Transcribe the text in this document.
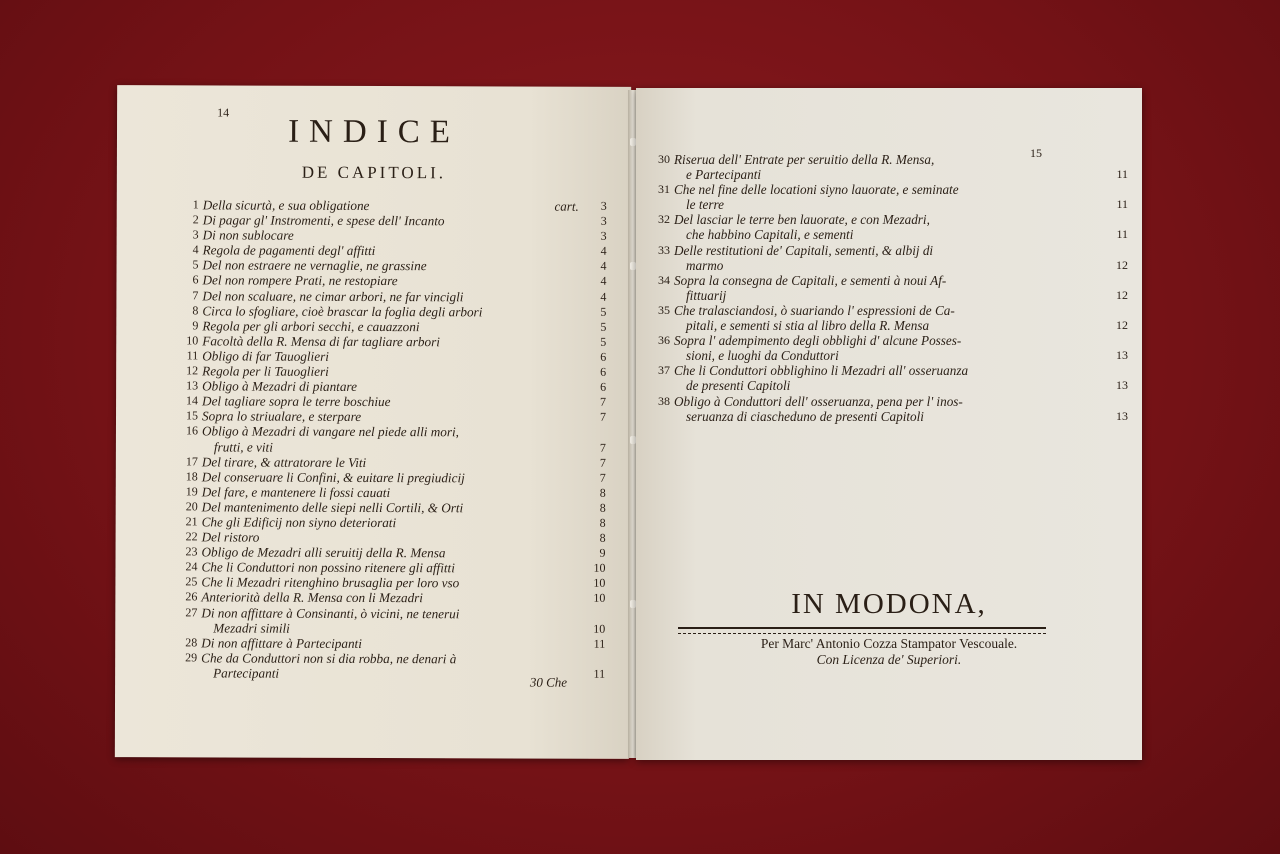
14
INDICE
DE CAPITOLI.
cart.
1 Della sicurtà, e sua obligatione	3
2 Di pagar gl' Instromenti, e spese dell' Incanto	3
3 Di non sublocare	3
4 Regola de pagamenti degl' affitti	4
5 Del non estraere ne vernaglie, ne grassine	4
6 Del non rompere Prati, ne restopiare	4
7 Del non scaluare, ne cimar arbori, ne far vincigli	4
8 Circa lo sfogliare, cioè brascar la foglia degli arbori	5
9 Regola per gli arbori secchi, e cauazzoni	5
10 Facoltà della R. Mensa di far tagliare arbori	5
11 Obligo di far Tauoglieri	6
12 Regola per li Tauoglieri	6
13 Obligo à Mezadri di piantare	6
14 Del tagliare sopra le terre boschiue	7
15 Sopra lo striualare, e sterpare	7
16 Obligo à Mezadri di vangare nel piede alli mori,
frutti, e viti	7
17 Del tirare, & attratorare le Viti	7
18 Del conseruare li Confini, & euitare li pregiudicij	7
19 Del fare, e mantenere li fossi cauati	8
20 Del mantenimento delle siepi nelli Cortili, & Orti	8
21 Che gli Edificij non siyno deteriorati	8
22 Del ristoro	8
23 Obligo de Mezadri alli seruitij della R. Mensa	9
24 Che li Conduttori non possino ritenere gli affitti	10
25 Che li Mezadri ritenghino brusaglia per loro vso	10
26 Anteriorità della R. Mensa con li Mezadri	10
27 Di non affittare à Consinanti, ò vicini, ne tenerui
Mezadri simili	10
28 Di non affittare à Partecipanti	11
29 Che da Conduttori non si dia robba, ne denari à
Partecipanti	11
30 Che
15
30 Riserua dell' Entrate per seruitio della R. Mensa,
e Partecipanti	11
31 Che nel fine delle locationi siyno lauorate, e seminate
le terre	11
32 Del lasciar le terre ben lauorate, e con Mezadri,
che habbino Capitali, e sementi	11
33 Delle restitutioni de' Capitali, sementi, & albij di
marmo	12
34 Sopra la consegna de Capitali, e sementi à noui Af-
fittuarij	12
35 Che tralasciandosi, ò suariando l' espressioni de Ca-
pitali, e sementi si stia al libro della R. Mensa	12
36 Sopra l' adempimento degli obblighi d' alcune Posses-
sioni, e luoghi da Conduttori	13
37 Che li Conduttori obblighino li Mezadri all' osseruanza
de presenti Capitoli	13
38 Obligo à Conduttori dell' osseruanza, pena per l' inos-
seruanza di ciascheduno de presenti Capitoli	13
IN MODONA,
Per Marc' Antonio Cozza Stampator Vescouale.
Con Licenza de' Superiori.
